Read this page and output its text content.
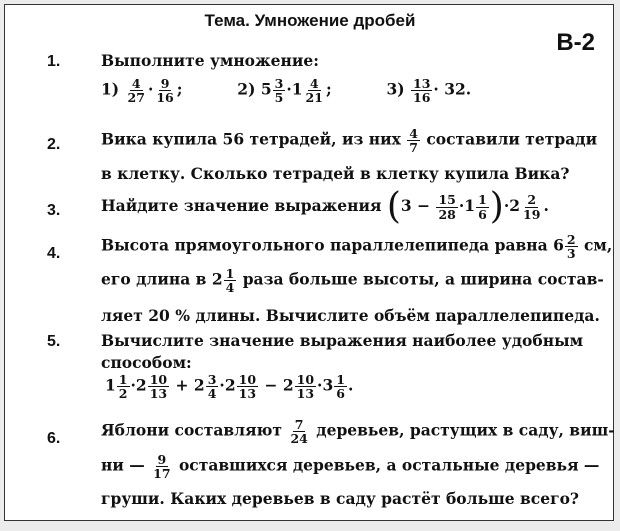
Тема. Умножение дробей
В-2
1.	Выполните умножение:
$1) \frac{4}{27} \cdot \frac{9}{16}$ ;	2) $5 \frac{3}{5} \cdot 1 \frac{4}{21}$ ;	$3) \frac{13}{16} \cdot 32$.
2.	Вика купила 56 тетрадей, из них $\frac{4}{7}$ составили тетради
в клетку. Сколько тетрадей в клетку купила Вика?
3.	Найдите значение выражения $(3 - \frac{15}{28} \cdot 1 \frac{1}{6} )\cdot 2 \frac{2}{19}$ .
4.	Высота прямоугольного параллелепипеда равна $6 \frac{2}{3}$ см,
его длина в $2 \frac{1}{4}$ раза больше высоты, а ширина состав-
ляет 20 % длины. Вычислите объём параллелепипеда.
5.	Вычислите значение выражения наиболее удобным
способом:
$1 \frac{1}{2} \cdot 2 \frac{10}{13} + 2 \frac{3}{4} \cdot 2 \frac{10}{13} - 2 \frac{10}{13} \cdot 3 \frac{1}{6}$ .
6.	Яблони составляют $\frac{7}{24}$ деревьев, растущих в саду, виш-
ни — $\frac{9}{17}$ оставшихся деревьев, а остальные деревья —
груши. Каких деревьев в саду растёт больше всего?
